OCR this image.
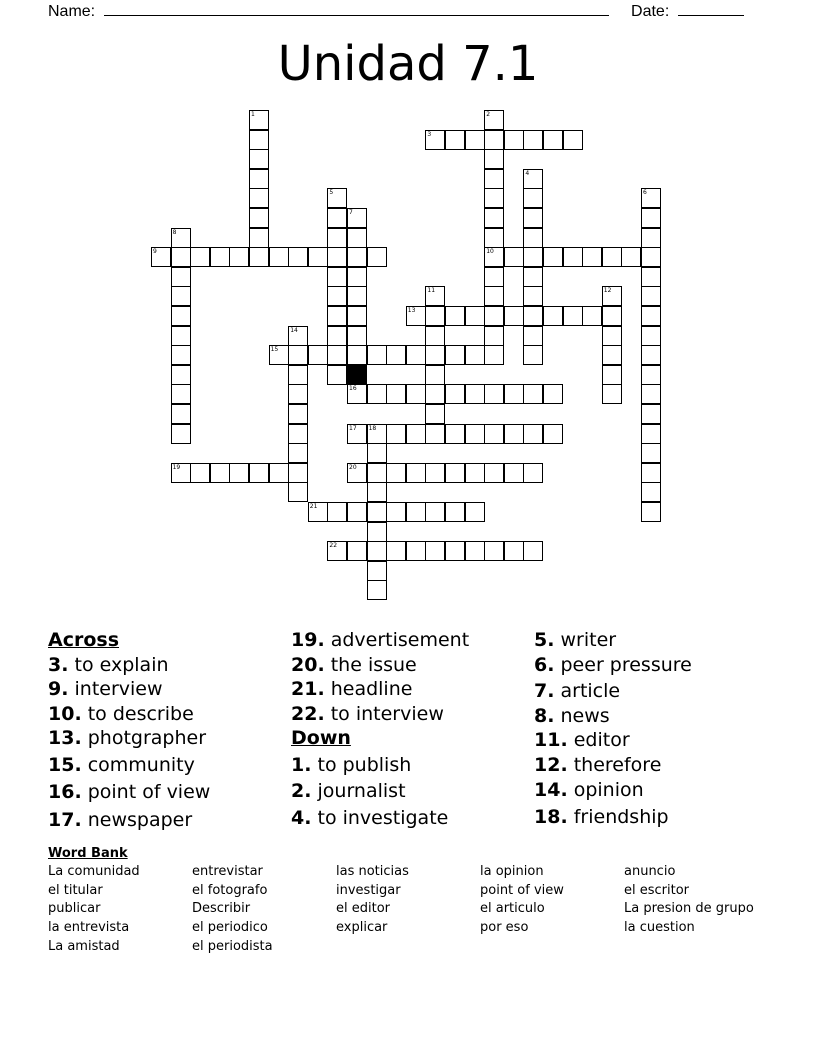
Name:	Date:
Unidad 7.1
1	2
10
3
4
5	6
7
16
8
9
11	12
13
14
15
17 18
19	20
21
22
Across
3. to explain
9. interview
10. to describe
13. photgrapher
15. community
16. point of view
17. newspaper
19. advertisement
20. the issue
21. headline
22. to interview
Down
1. to publish
2. journalist
4. to investigate
5. writer
6. peer pressure
7. article
8. news
11. editor
12. therefore
14. opinion
18. friendship
Word Bank
La comunidad
el titular
publicar
la entrevista
La amistad
entrevistar
el fotografo
Describir
el periodico
el periodista
las noticias
investigar
el editor
explicar
la opinion
point of view
el articulo
por eso
anuncio
el escritor
La presion de grupo
la cuestion
